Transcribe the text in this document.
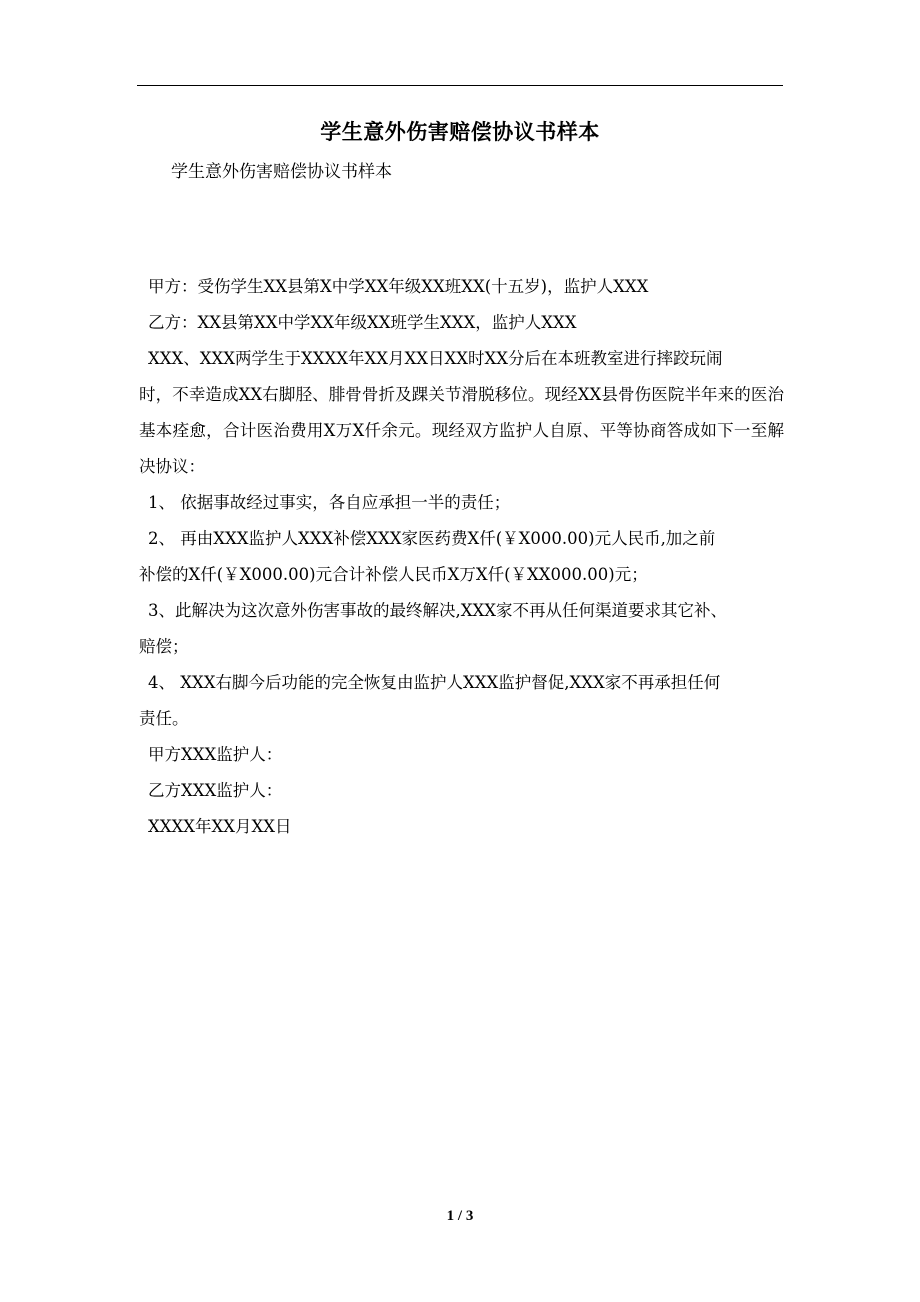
学生意外伤害赔偿协议书样本
学生意外伤害赔偿协议书样本

甲方：受伤学生XX县第X中学XX年级XX班XX(十五岁)，监护人XXX

乙方：XX县第XX中学XX年级XX班学生XXX，监护人XXX

XXX、XXX两学生于XXXX年XX月XX日XX时XX分后在本班教室进行摔跤玩闹

时，不幸造成XX右脚胫、腓骨骨折及踝关节滑脱移位。现经XX县骨伤医院半年来的医治基本痊愈，合计医治费用X万X仟余元。现经双方监护人自原、平等协商答成如下一至解决协议：

1、 依据事故经过事实，各自应承担一半的责任；

2、 再由XXX监护人XXX补偿XXX家医药费X仟(￥X000.00)元人民币,加之前

补偿的X仟(￥X000.00)元合计补偿人民币X万X仟(￥XX000.00)元；

3、此解决为这次意外伤害事故的最终解决,XXX家不再从任何渠道要求其它补、

赔偿；

4、 XXX右脚今后功能的完全恢复由监护人XXX监护督促,XXX家不再承担任何

责任。

甲方XXX监护人：

乙方XXX监护人：

XXXX年XX月XX日

1 / 3
